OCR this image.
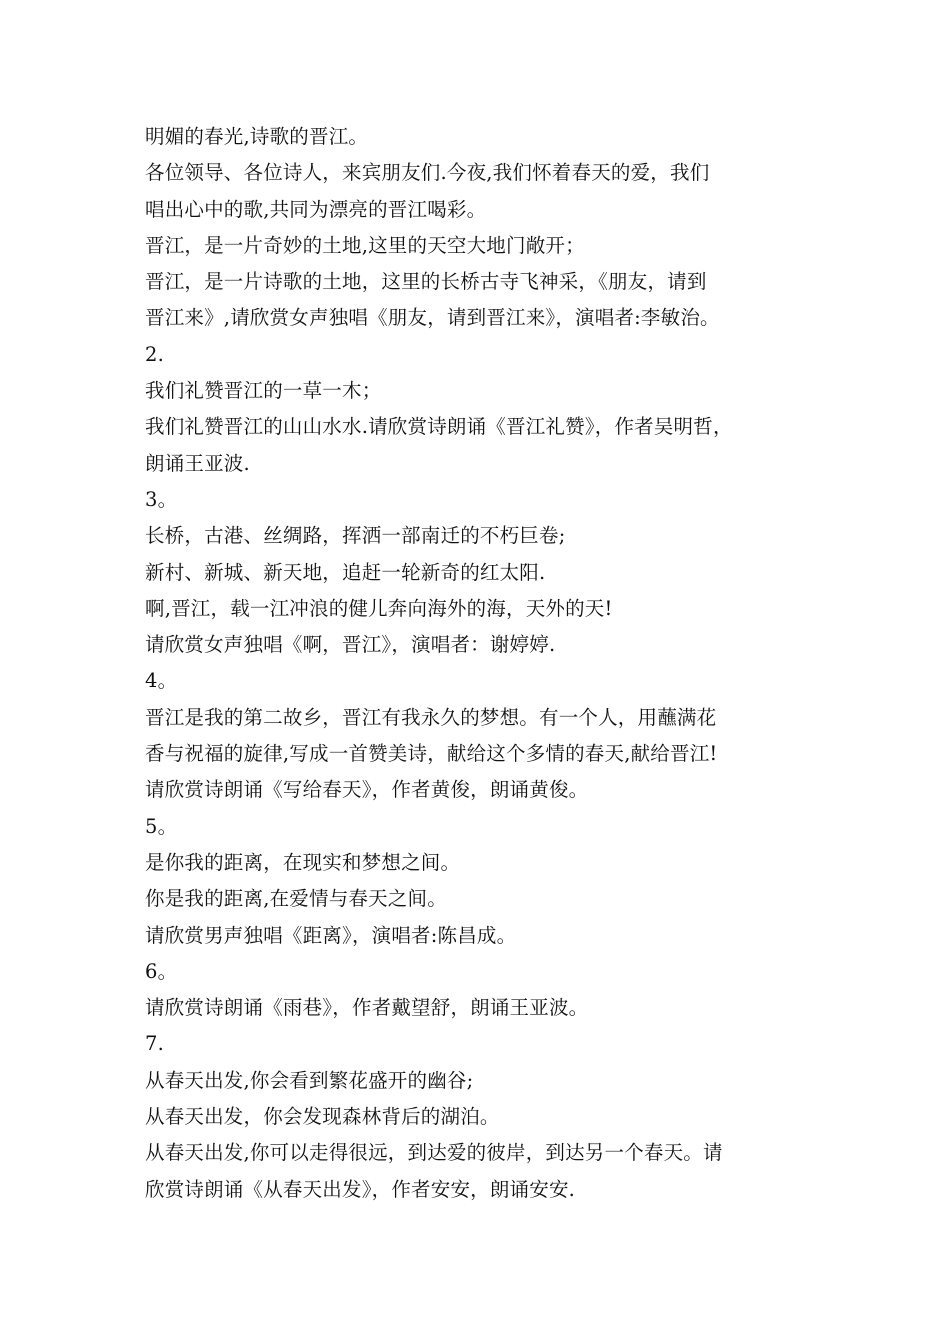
明媚的春光,诗歌的晋江。
各位领导、各位诗人，来宾朋友们.今夜,我们怀着春天的爱，我们
唱出心中的歌,共同为漂亮的晋江喝彩。
晋江，是一片奇妙的土地,这里的天空大地门敞开；
晋江，是一片诗歌的土地，这里的长桥古寺飞神采，《朋友，请到
晋江来》,请欣赏女声独唱《朋友，请到晋江来》，演唱者:李敏治。
2.
我们礼赞晋江的一草一木；
我们礼赞晋江的山山水水.请欣赏诗朗诵《晋江礼赞》，作者吴明哲，
朗诵王亚波.
3。
长桥，古港、丝绸路，挥洒一部南迁的不朽巨卷;
新村、新城、新天地，追赶一轮新奇的红太阳.
啊,晋江，载一江冲浪的健儿奔向海外的海，天外的天!
请欣赏女声独唱《啊，晋江》，演唱者：谢婷婷.
4。
晋江是我的第二故乡，晋江有我永久的梦想。有一个人，用蘸满花
香与祝福的旋律,写成一首赞美诗，献给这个多情的春天,献给晋江!
请欣赏诗朗诵《写给春天》，作者黄俊，朗诵黄俊。
5。
是你我的距离，在现实和梦想之间。
你是我的距离,在爱情与春天之间。
请欣赏男声独唱《距离》，演唱者:陈昌成。
6。
请欣赏诗朗诵《雨巷》，作者戴望舒，朗诵王亚波。
7.
从春天出发,你会看到繁花盛开的幽谷;
从春天出发，你会发现森林背后的湖泊。
从春天出发,你可以走得很远，到达爱的彼岸，到达另一个春天。请
欣赏诗朗诵《从春天出发》，作者安安，朗诵安安.
